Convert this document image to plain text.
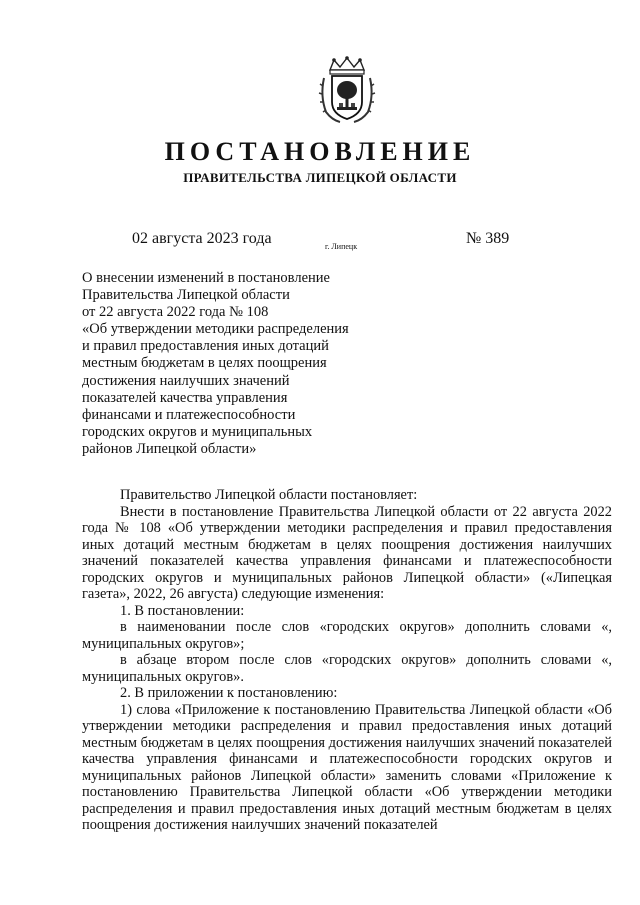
ПОСТАНОВЛЕНИЕ
ПРАВИТЕЛЬСТВА ЛИПЕЦКОЙ ОБЛАСТИ
02 августа 2023 года	г. Липецк	№ 389
О внесении изменений в постановление
Правительства Липецкой области
от 22 августа 2022 года № 108
«Об утверждении методики распределения
и правил предоставления иных дотаций
местным бюджетам в целях поощрения
достижения наилучших значений
показателей качества управления
финансами и платежеспособности
городских округов и муниципальных
районов Липецкой области»

Правительство Липецкой области постановляет:

Внести в постановление Правительства Липецкой области от 22 августа 2022 года № 108 «Об утверждении методики распределения и правил предоставления иных дотаций местным бюджетам в целях поощрения достижения наилучших значений показателей качества управления финансами и платежеспособности городских округов и муниципальных районов Липецкой области» («Липецкая газета», 2022, 26 августа) следующие изменения:

1. В постановлении:

в наименовании после слов «городских округов» дополнить словами «, муниципальных округов»;

в абзаце втором после слов «городских округов» дополнить словами «, муниципальных округов».

2. В приложении к постановлению:

1) слова «Приложение к постановлению Правительства Липецкой области «Об утверждении методики распределения и правил предоставления иных дотаций местным бюджетам в целях поощрения достижения наилучших значений показателей качества управления финансами и платежеспособности городских округов и муниципальных районов Липецкой области» заменить словами «Приложение к постановлению Правительства Липецкой области «Об утверждении методики распределения и правил предоставления иных дотаций местным бюджетам в целях поощрения достижения наилучших значений показателей
